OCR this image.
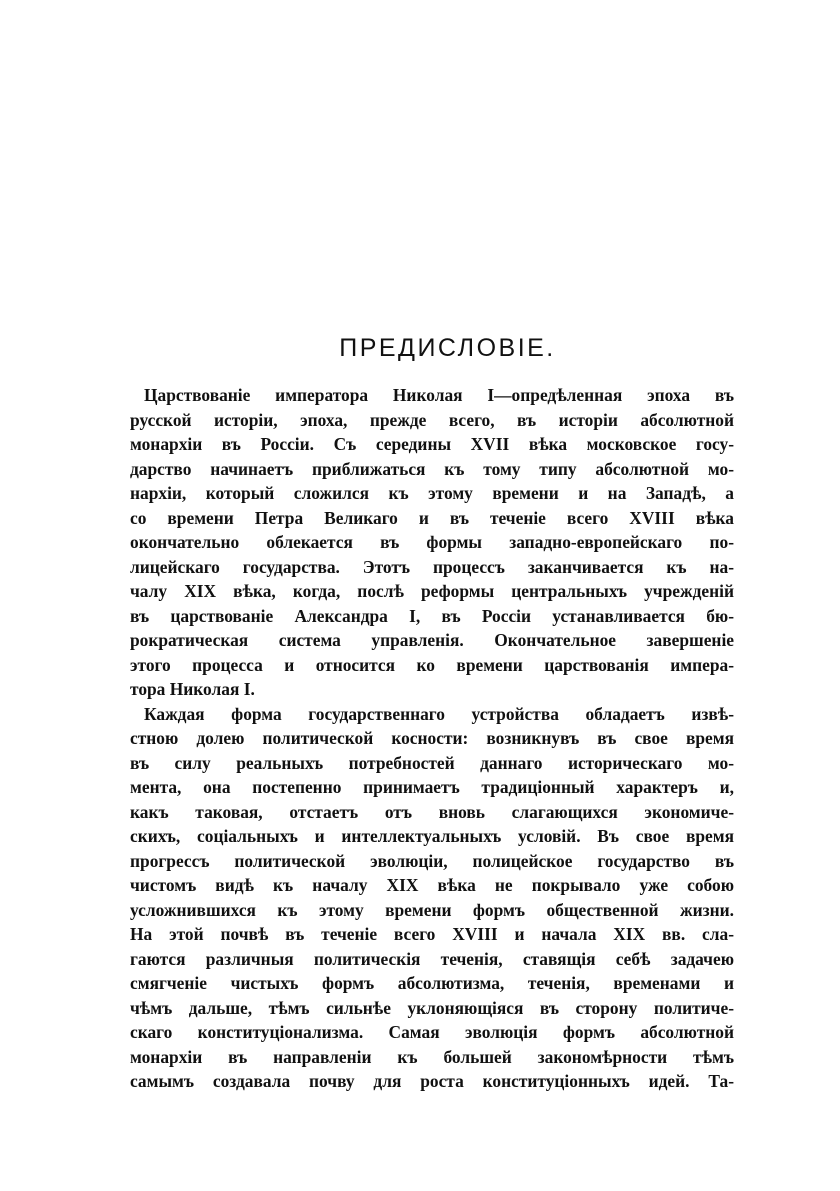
ПРЕДИСЛОВIЕ.
Царствованiе императора Николая I—опредѣленная эпоха въ
русской исторiи, эпоха, прежде всего, въ исторiи абсолютной
монархiи въ Россiи. Съ середины XVII вѣка московское госу-
дарство начинаетъ приближаться къ тому типу абсолютной мо-
нархiи, который сложился къ этому времени и на Западѣ, а
со времени Петра Великаго и въ теченiе всего XVIII вѣка
окончательно облекается въ формы западно-европейскаго по-
лицейскаго государства. Этотъ процессъ заканчивается къ на-
чалу XIX вѣка, когда, послѣ реформы центральныхъ учрежденiй
въ царствованiе Александра I, въ Россiи устанавливается бю-
рократическая система управленiя. Окончательное завершенiе
этого процесса и относится ко времени царствованiя импера-
тора Николая I.
Каждая форма государственнаго устройства обладаетъ извѣ-
стною долею политической косности: возникнувъ въ свое время
въ силу реальныхъ потребностей даннаго историческаго мо-
мента, она постепенно принимаетъ традицiонный характеръ и,
какъ таковая, отстаетъ отъ вновь слагающихся экономиче-
скихъ, соцiальныхъ и интеллектуальныхъ условiй. Въ свое время
прогрессъ политической эволюцiи, полицейское государство въ
чистомъ видѣ къ началу XIX вѣка не покрывало уже собою
усложнившихся къ этому времени формъ общественной жизни.
На этой почвѣ въ теченiе всего XVIII и начала XIX вв. сла-
гаются различныя политическiя теченiя, ставящiя себѣ задачею
смягченiе чистыхъ формъ абсолютизма, теченiя, временами и
чѣмъ дальше, тѣмъ сильнѣе уклоняющiяся въ сторону политиче-
скаго конституцiонализма. Самая эволюцiя формъ абсолютной
монархiи въ направленiи къ большей закономѣрности тѣмъ
самымъ создавала почву для роста конституцiонныхъ идей. Та-
